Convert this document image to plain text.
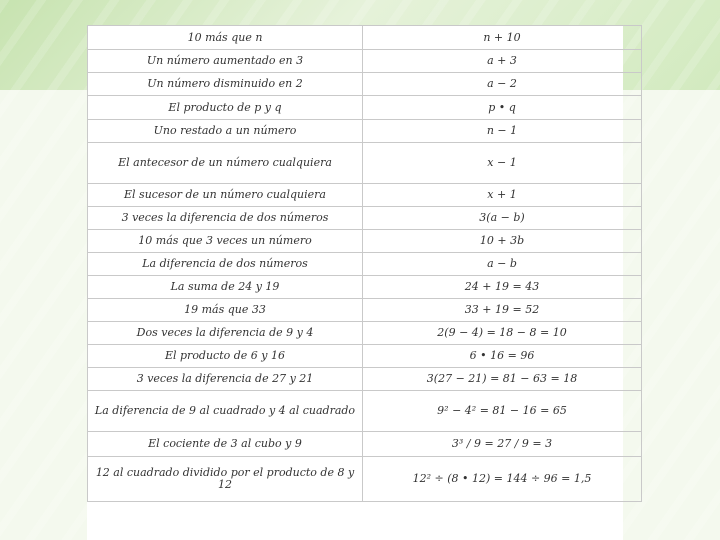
10 más que n	n + 10
Un número aumentado en 3	a + 3
Un número disminuido en 2	a − 2
El producto de p y q	p • q
Uno restado a un número	n − 1
El antecesor de un número cualquiera	x − 1
El sucesor de un número cualquiera	x + 1
3 veces la diferencia de dos números	3(a − b)
10 más que 3 veces un número	10 + 3b
La diferencia de dos números	a − b
La suma de 24 y 19	24 + 19 = 43
19 más que 33	33 + 19 = 52
Dos veces la diferencia de 9 y 4	2(9 − 4) = 18 − 8 = 10
El producto de 6 y 16	6 • 16 = 96
3 veces la diferencia de 27 y 21	3(27 − 21) = 81 − 63 = 18
La diferencia de 9 al cuadrado y 4 al cuadrado	9² − 4² = 81 − 16 = 65
El cociente de 3 al cubo y 9	3³ / 9 = 27 / 9 = 3
12 al cuadrado dividido por el producto de 8 y 12	12² ÷ (8 • 12) = 144 ÷ 96 = 1,5
